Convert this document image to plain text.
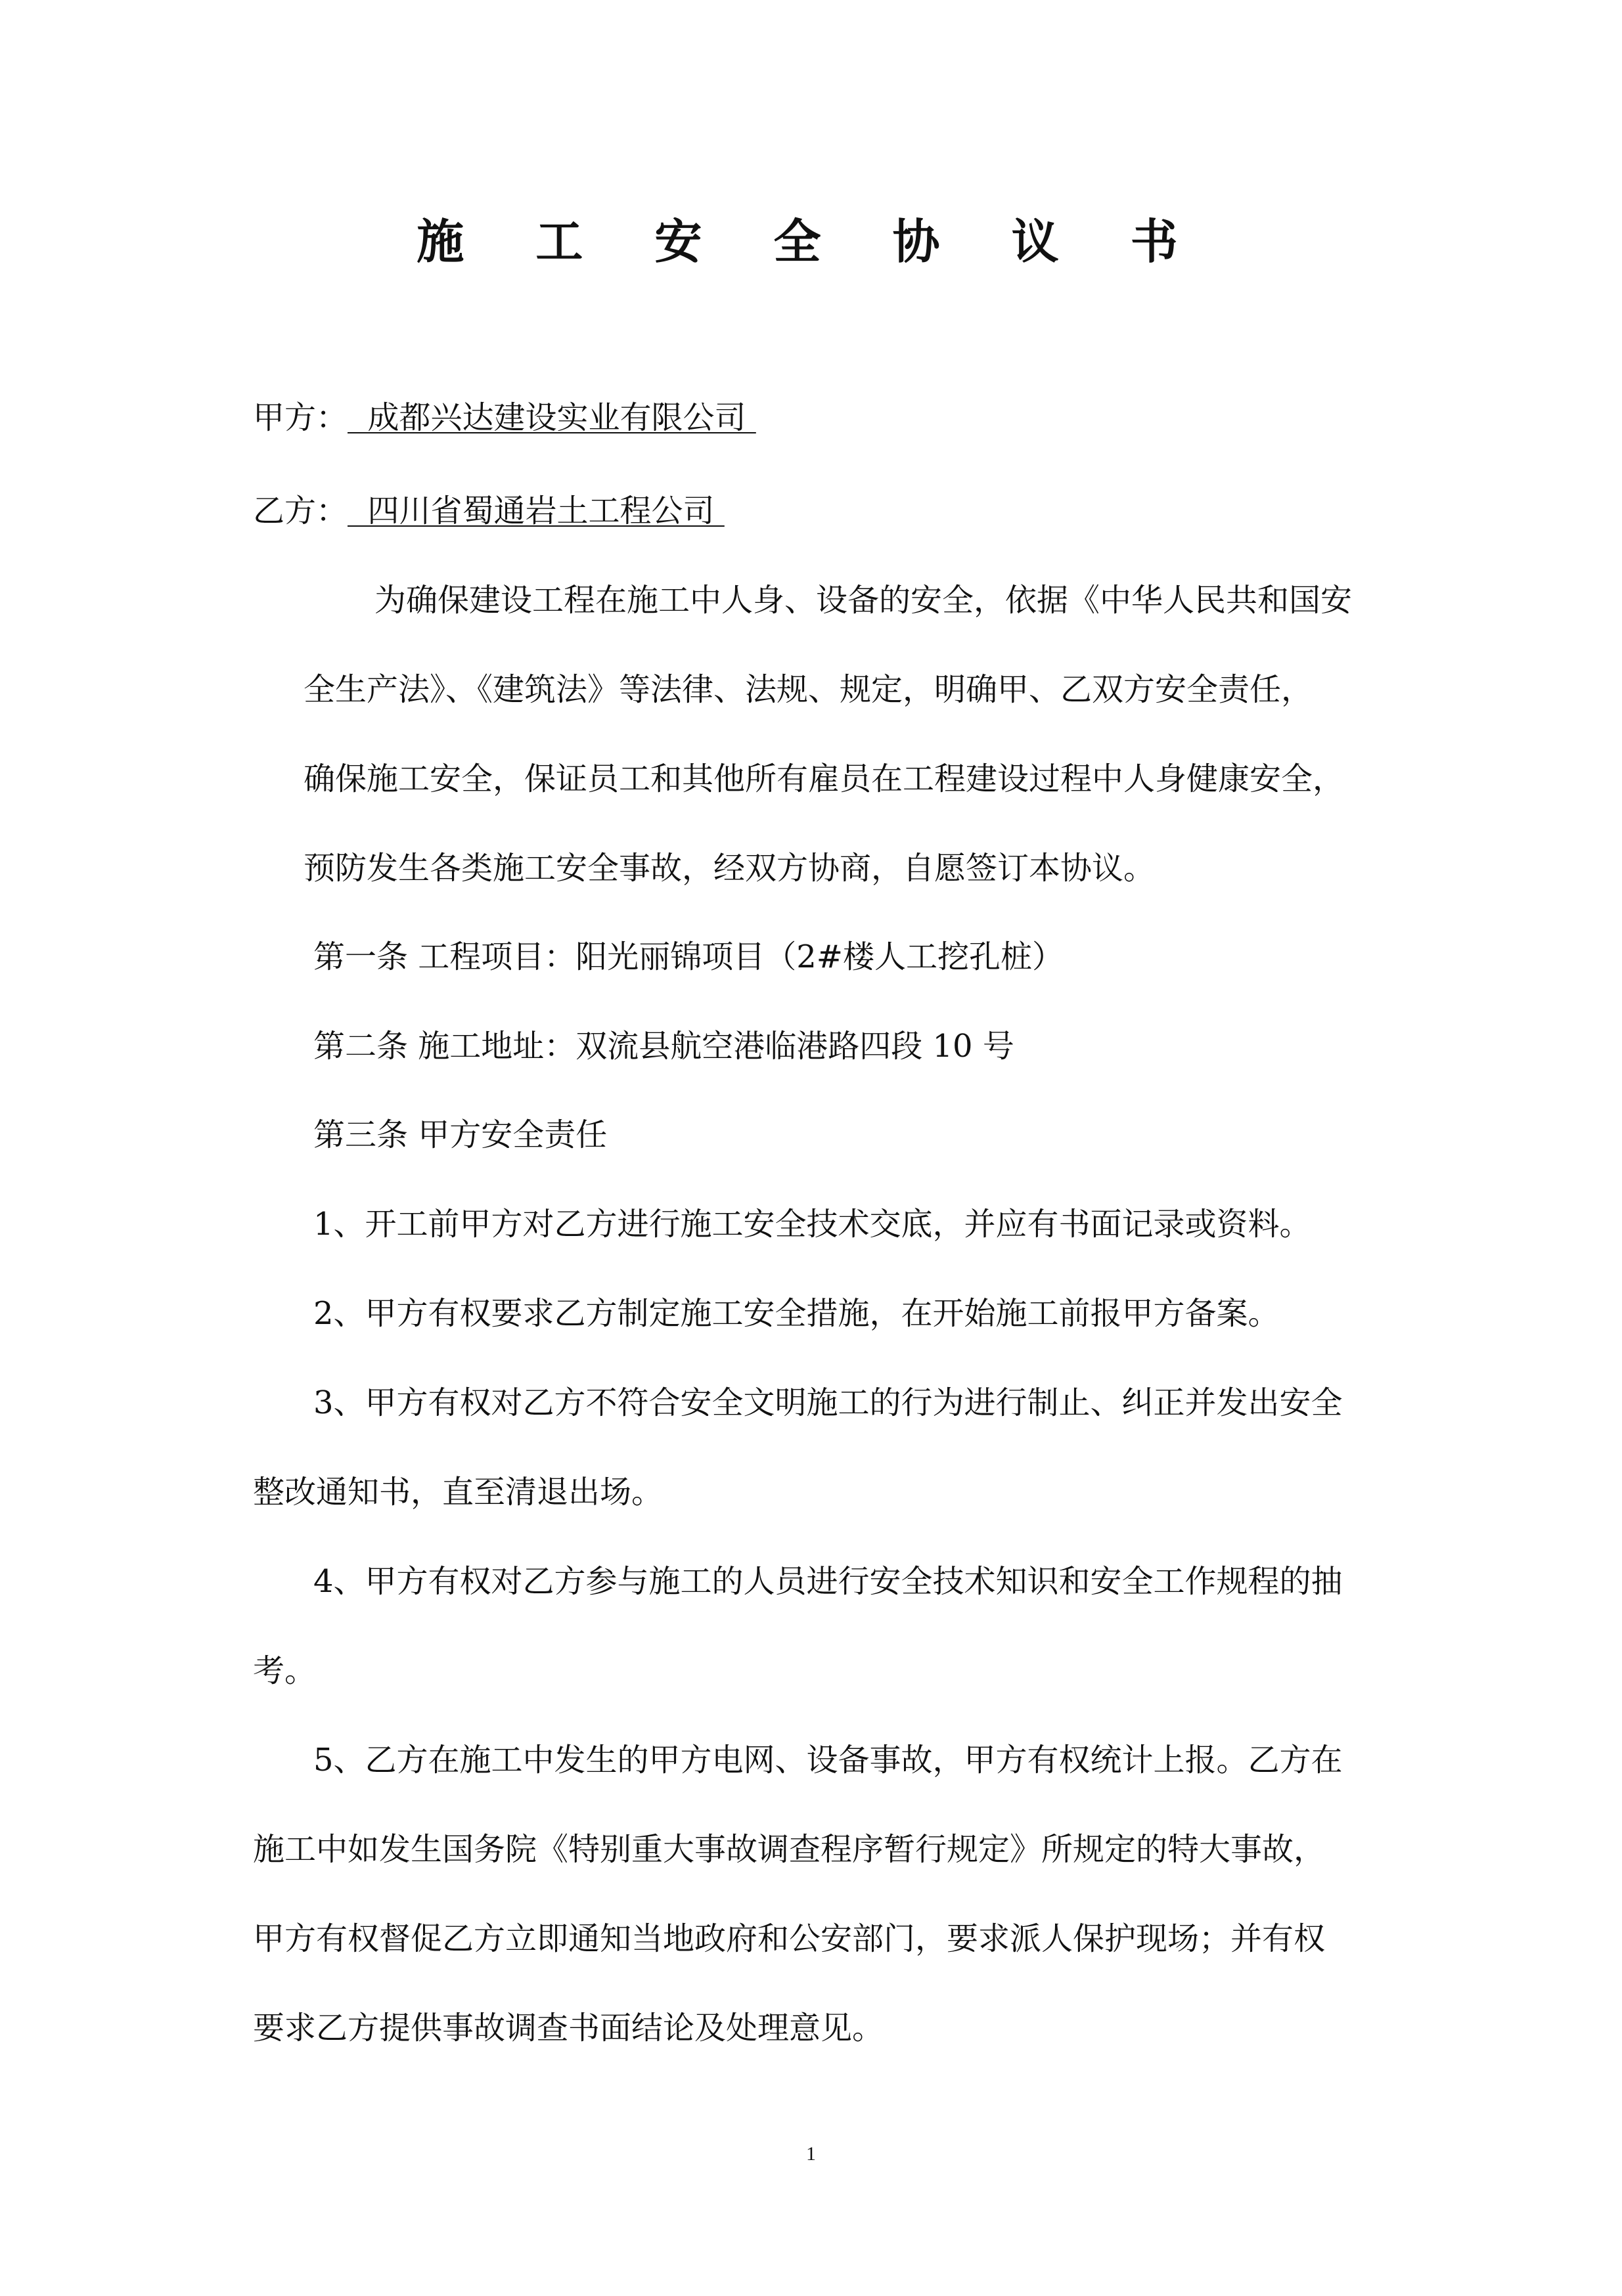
施 工 安 全 协 议 书
甲方：  成都兴达建设实业有限公司
乙方：  四川省蜀通岩土工程公司
为确保建设工程在施工中人身、设备的安全，依据《中华人民共和国安
全生产法》、《建筑法》等法律、法规、规定，明确甲、乙双方安全责任，
确保施工安全，保证员工和其他所有雇员在工程建设过程中人身健康安全，
预防发生各类施工安全事故，经双方协商，自愿签订本协议。
第一条 工程项目：阳光丽锦项目（2#楼人工挖孔桩）
第二条 施工地址：双流县航空港临港路四段 10 号
第三条 甲方安全责任
1、开工前甲方对乙方进行施工安全技术交底，并应有书面记录或资料。
2、甲方有权要求乙方制定施工安全措施，在开始施工前报甲方备案。
3、甲方有权对乙方不符合安全文明施工的行为进行制止、纠正并发出安全
整改通知书，直至清退出场。
4、甲方有权对乙方参与施工的人员进行安全技术知识和安全工作规程的抽
考。
5、乙方在施工中发生的甲方电网、设备事故，甲方有权统计上报。乙方在
施工中如发生国务院《特别重大事故调查程序暂行规定》所规定的特大事故，
甲方有权督促乙方立即通知当地政府和公安部门，要求派人保护现场；并有权
要求乙方提供事故调查书面结论及处理意见。
1
